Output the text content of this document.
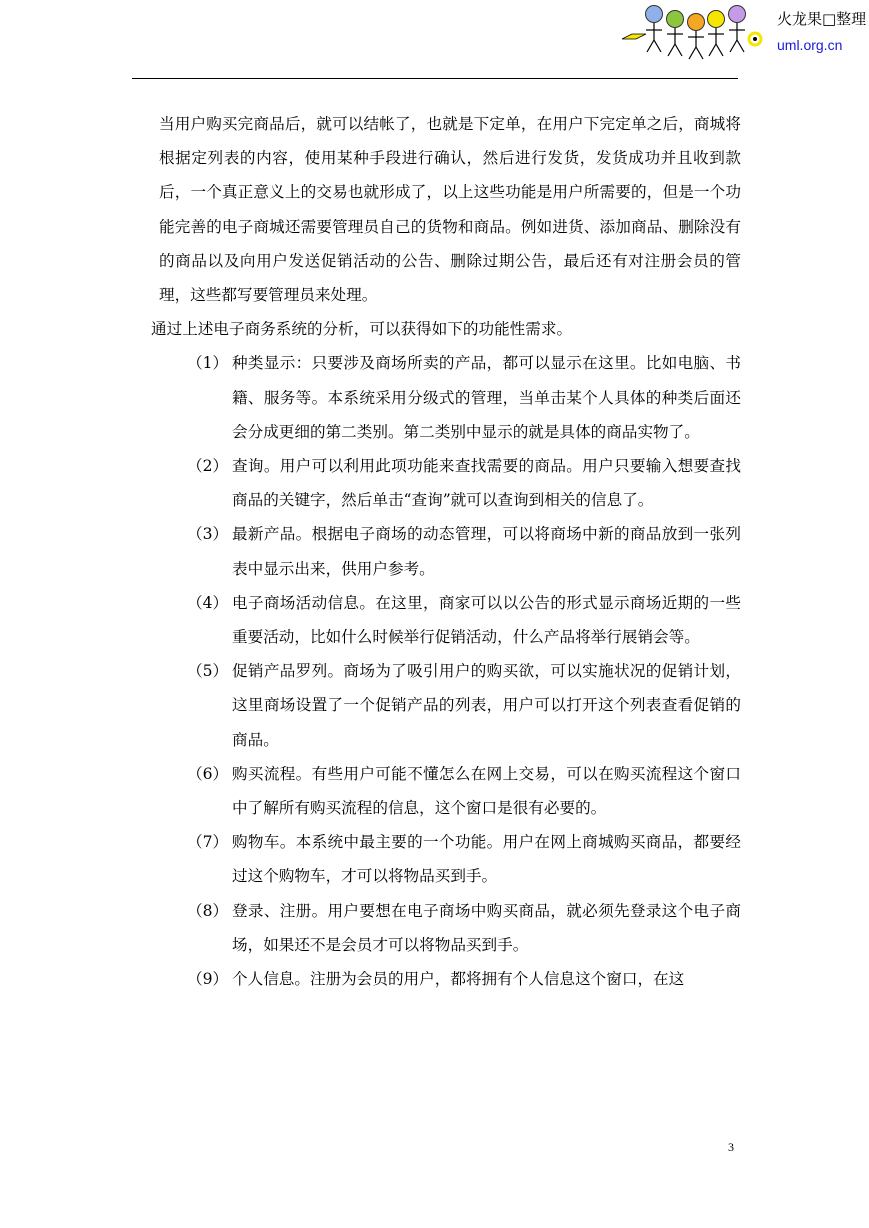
火龙果□整理
uml.org.cn

当用户购买完商品后，就可以结帐了，也就是下定单，在用户下完定单之后，商城将根据定列表的内容，使用某种手段进行确认，然后进行发货，发货成功并且收到款后，一个真正意义上的交易也就形成了，以上这些功能是用户所需要的，但是一个功能完善的电子商城还需要管理员自己的货物和商品。例如进货、添加商品、删除没有的商品以及向用户发送促销活动的公告、删除过期公告，最后还有对注册会员的管理，这些都写要管理员来处理。

通过上述电子商务系统的分析，可以获得如下的功能性需求。

（1） 种类显示：只要涉及商场所卖的产品，都可以显示在这里。比如电脑、书籍、服务等。本系统采用分级式的管理，当单击某个人具体的种类后面还会分成更细的第二类别。第二类别中显示的就是具体的商品实物了。
（2） 查询。用户可以利用此项功能来查找需要的商品。用户只要输入想要查找商品的关键字，然后单击“查询”就可以查询到相关的信息了。
（3） 最新产品。根据电子商场的动态管理，可以将商场中新的商品放到一张列表中显示出来，供用户参考。
（4） 电子商场活动信息。在这里，商家可以以公告的形式显示商场近期的一些重要活动，比如什么时候举行促销活动，什么产品将举行展销会等。
（5） 促销产品罗列。商场为了吸引用户的购买欲，可以实施状况的促销计划，这里商场设置了一个促销产品的列表，用户可以打开这个列表查看促销的商品。
（6） 购买流程。有些用户可能不懂怎么在网上交易，可以在购买流程这个窗口中了解所有购买流程的信息，这个窗口是很有必要的。
（7） 购物车。本系统中最主要的一个功能。用户在网上商城购买商品，都要经过这个购物车，才可以将物品买到手。
（8） 登录、注册。用户要想在电子商场中购买商品，就必须先登录这个电子商场，如果还不是会员才可以将物品买到手。
（9） 个人信息。注册为会员的用户，都将拥有个人信息这个窗口，在这
3
